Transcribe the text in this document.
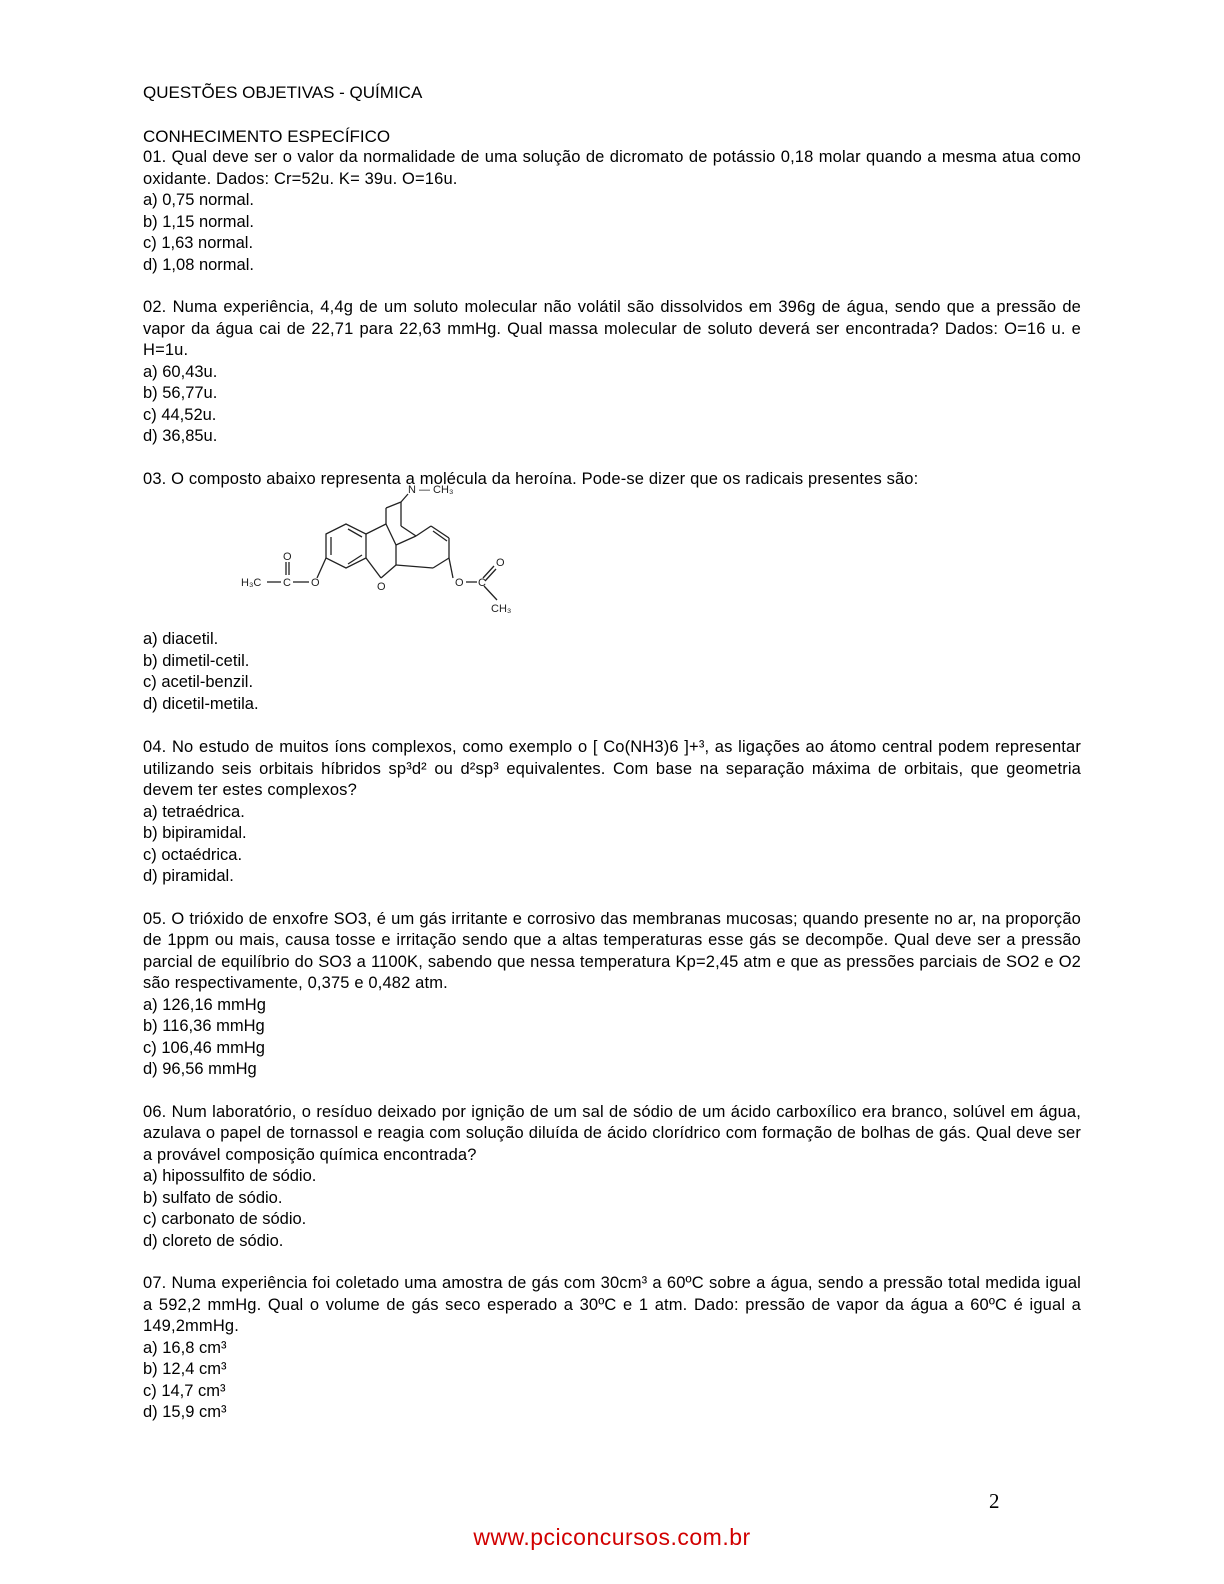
QUESTÕES OBJETIVAS - QUÍMICA
CONHECIMENTO ESPECÍFICO
01. Qual deve ser o valor da normalidade de uma solução de dicromato de potássio 0,18 molar quando a mesma atua como oxidante. Dados: Cr=52u. K= 39u. O=16u.
a) 0,75 normal.
b) 1,15 normal.
c) 1,63 normal.
d) 1,08 normal.
02. Numa experiência, 4,4g de um soluto molecular não volátil são dissolvidos em 396g de água, sendo que a pressão de vapor da água cai de 22,71 para 22,63 mmHg. Qual massa molecular de soluto deverá ser encontrada? Dados: O=16 u. e H=1u.
a) 60,43u.
b) 56,77u.
c) 44,52u.
d) 36,85u.
03. O composto abaixo representa a molécula da heroína. Pode-se dizer que os radicais presentes são:
N — CH₃
O
O
C
O
H₃C	O C
O
CH₃
a) diacetil.
b) dimetil-cetil.
c) acetil-benzil.
d) dicetil-metila.
04. No estudo de muitos íons complexos, como exemplo o [ Co(NH3)6 ]+³, as ligações ao átomo central podem representar utilizando seis orbitais híbridos sp³d² ou d²sp³ equivalentes. Com base na separação máxima de orbitais, que geometria devem ter estes complexos?
a) tetraédrica.
b) bipiramidal.
c) octaédrica.
d) piramidal.
05. O trióxido de enxofre SO3, é um gás irritante e corrosivo das membranas mucosas; quando presente no ar, na proporção de 1ppm ou mais, causa tosse e irritação sendo que a altas temperaturas esse gás se decompõe. Qual deve ser a pressão parcial de equilíbrio do SO3 a 1100K, sabendo que nessa temperatura Kp=2,45 atm e que as pressões parciais de SO2 e O2 são respectivamente, 0,375 e 0,482 atm.
a) 126,16 mmHg
b) 116,36 mmHg
c) 106,46 mmHg
d) 96,56 mmHg
06. Num laboratório, o resíduo deixado por ignição de um sal de sódio de um ácido carboxílico era branco, solúvel em água, azulava o papel de tornassol e reagia com solução diluída de ácido clorídrico com formação de bolhas de gás. Qual deve ser a provável composição química encontrada?
a) hipossulfito de sódio.
b) sulfato de sódio.
c) carbonato de sódio.
d) cloreto de sódio.
07. Numa experiência foi coletado uma amostra de gás com 30cm³ a 60ºC sobre a água, sendo a pressão total medida igual a 592,2 mmHg. Qual o volume de gás seco esperado a 30ºC e 1 atm. Dado: pressão de vapor da água a 60ºC é igual a 149,2mmHg.
a) 16,8 cm³
b) 12,4 cm³
c) 14,7 cm³
d) 15,9 cm³
2
www.pciconcursos.com.br
